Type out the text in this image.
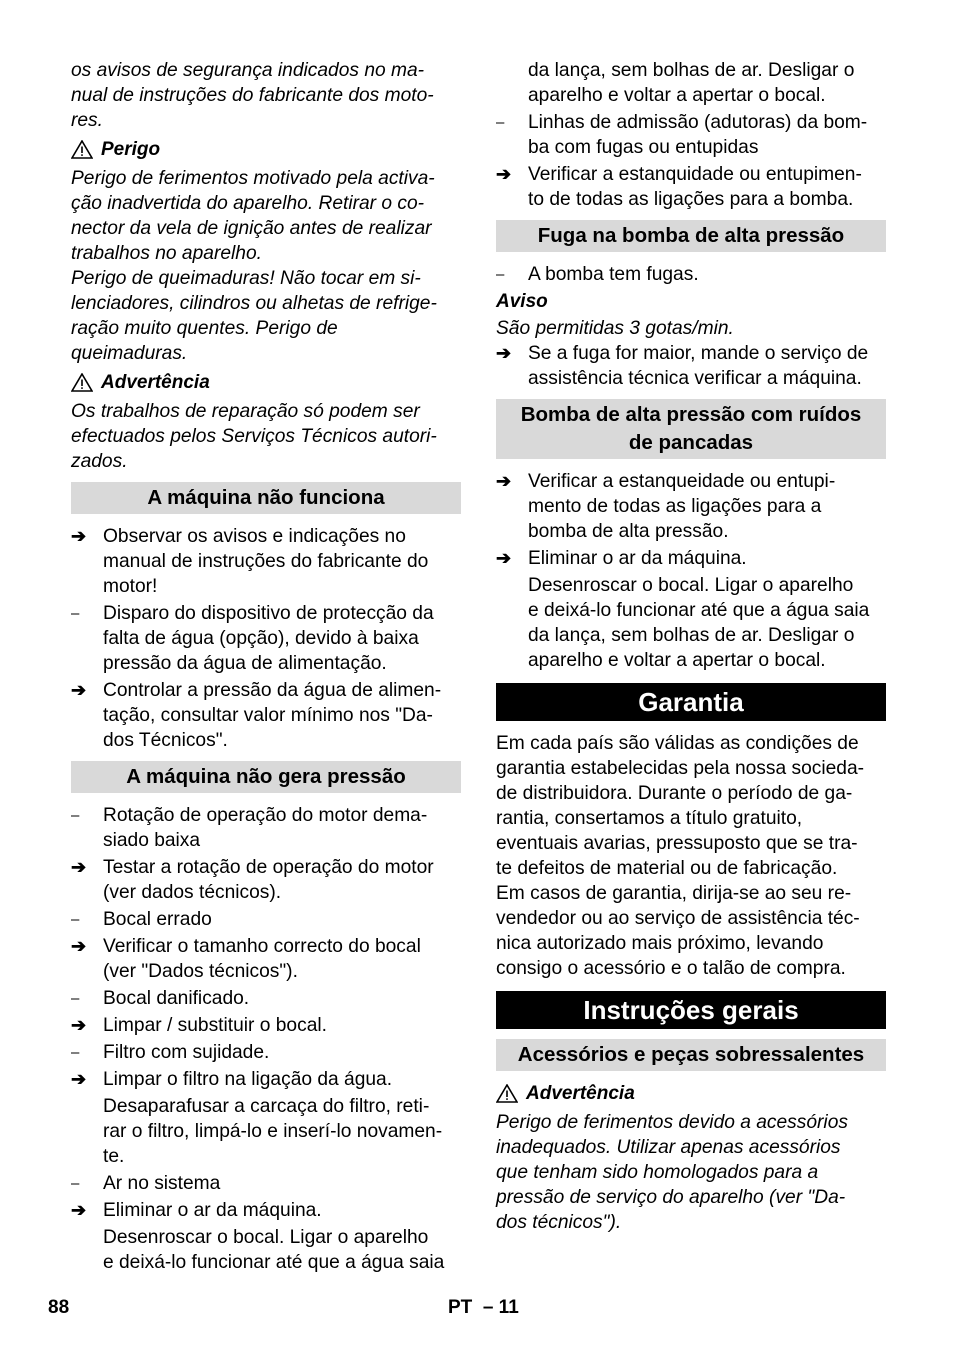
os avisos de segurança indicados no ma-
nual de instruções do fabricante dos moto-
res.

Perigo

Perigo de ferimentos motivado pela activa-
ção inadvertida do aparelho. Retirar o co-
nector da vela de ignição antes de realizar
trabalhos no aparelho.

Perigo de queimaduras! Não tocar em si-
lenciadores, cilindros ou alhetas de refrige-
ração muito quentes. Perigo de
queimaduras.

Advertência

Os trabalhos de reparação só podem ser
efectuados pelos Serviços Técnicos autori-
zados.

A máquina não funciona
➔ Observar os avisos e indicações no
manual de instruções do fabricante do
motor!
–	Disparo do dispositivo de protecção da
falta de água (opção), devido à baixa
pressão da água de alimentação.
➔ Controlar a pressão da água de alimen-
tação, consultar valor mínimo nos "Da-
dos Técnicos".
A máquina não gera pressão
–	Rotação de operação do motor dema-
siado baixa
➔ Testar a rotação de operação do motor
(ver dados técnicos).
–	Bocal errado
➔ Verificar o tamanho correcto do bocal
(ver "Dados técnicos").
–	Bocal danificado.
➔ Limpar / substituir o bocal.
–	Filtro com sujidade.
➔ Limpar o filtro na ligação da água.
Desaparafusar a carcaça do filtro, reti-
rar o filtro, limpá-lo e inserí-lo novamen-
te.
–	Ar no sistema
➔ Eliminar o ar da máquina.
Desenroscar o bocal. Ligar o aparelho
e deixá-lo funcionar até que a água saia
da lança, sem bolhas de ar. Desligar o
aparelho e voltar a apertar o bocal.
–	Linhas de admissão (adutoras) da bom-
ba com fugas ou entupidas
➔ Verificar a estanquidade ou entupimen-
to de todas as ligações para a bomba.
Fuga na bomba de alta pressão
–	A bomba tem fugas.
Aviso

São permitidas 3 gotas/min.

➔ Se a fuga for maior, mande o serviço de
assistência técnica verificar a máquina.
Bomba de alta pressão com ruídos
de pancadas
➔ Verificar a estanqueidade ou entupi-
mento de todas as ligações para a
bomba de alta pressão.
➔ Eliminar o ar da máquina.
Desenroscar o bocal. Ligar o aparelho
e deixá-lo funcionar até que a água saia
da lança, sem bolhas de ar. Desligar o
aparelho e voltar a apertar o bocal.
Garantia

Em cada país são válidas as condições de
garantia estabelecidas pela nossa socieda-
de distribuidora. Durante o período de ga-
rantia, consertamos a título gratuito,
eventuais avarias, pressuposto que se tra-
te defeitos de material ou de fabricação.
Em casos de garantia, dirija-se ao seu re-
vendedor ou ao serviço de assistência téc-
nica autorizado mais próximo, levando
consigo o acessório e o talão de compra.

Instruções gerais
Acessórios e peças sobressalentes
Advertência

Perigo de ferimentos devido a acessórios
inadequados. Utilizar apenas acessórios
que tenham sido homologados para a
pressão de serviço do aparelho (ver "Da-
dos técnicos").

88	PT  – 11
